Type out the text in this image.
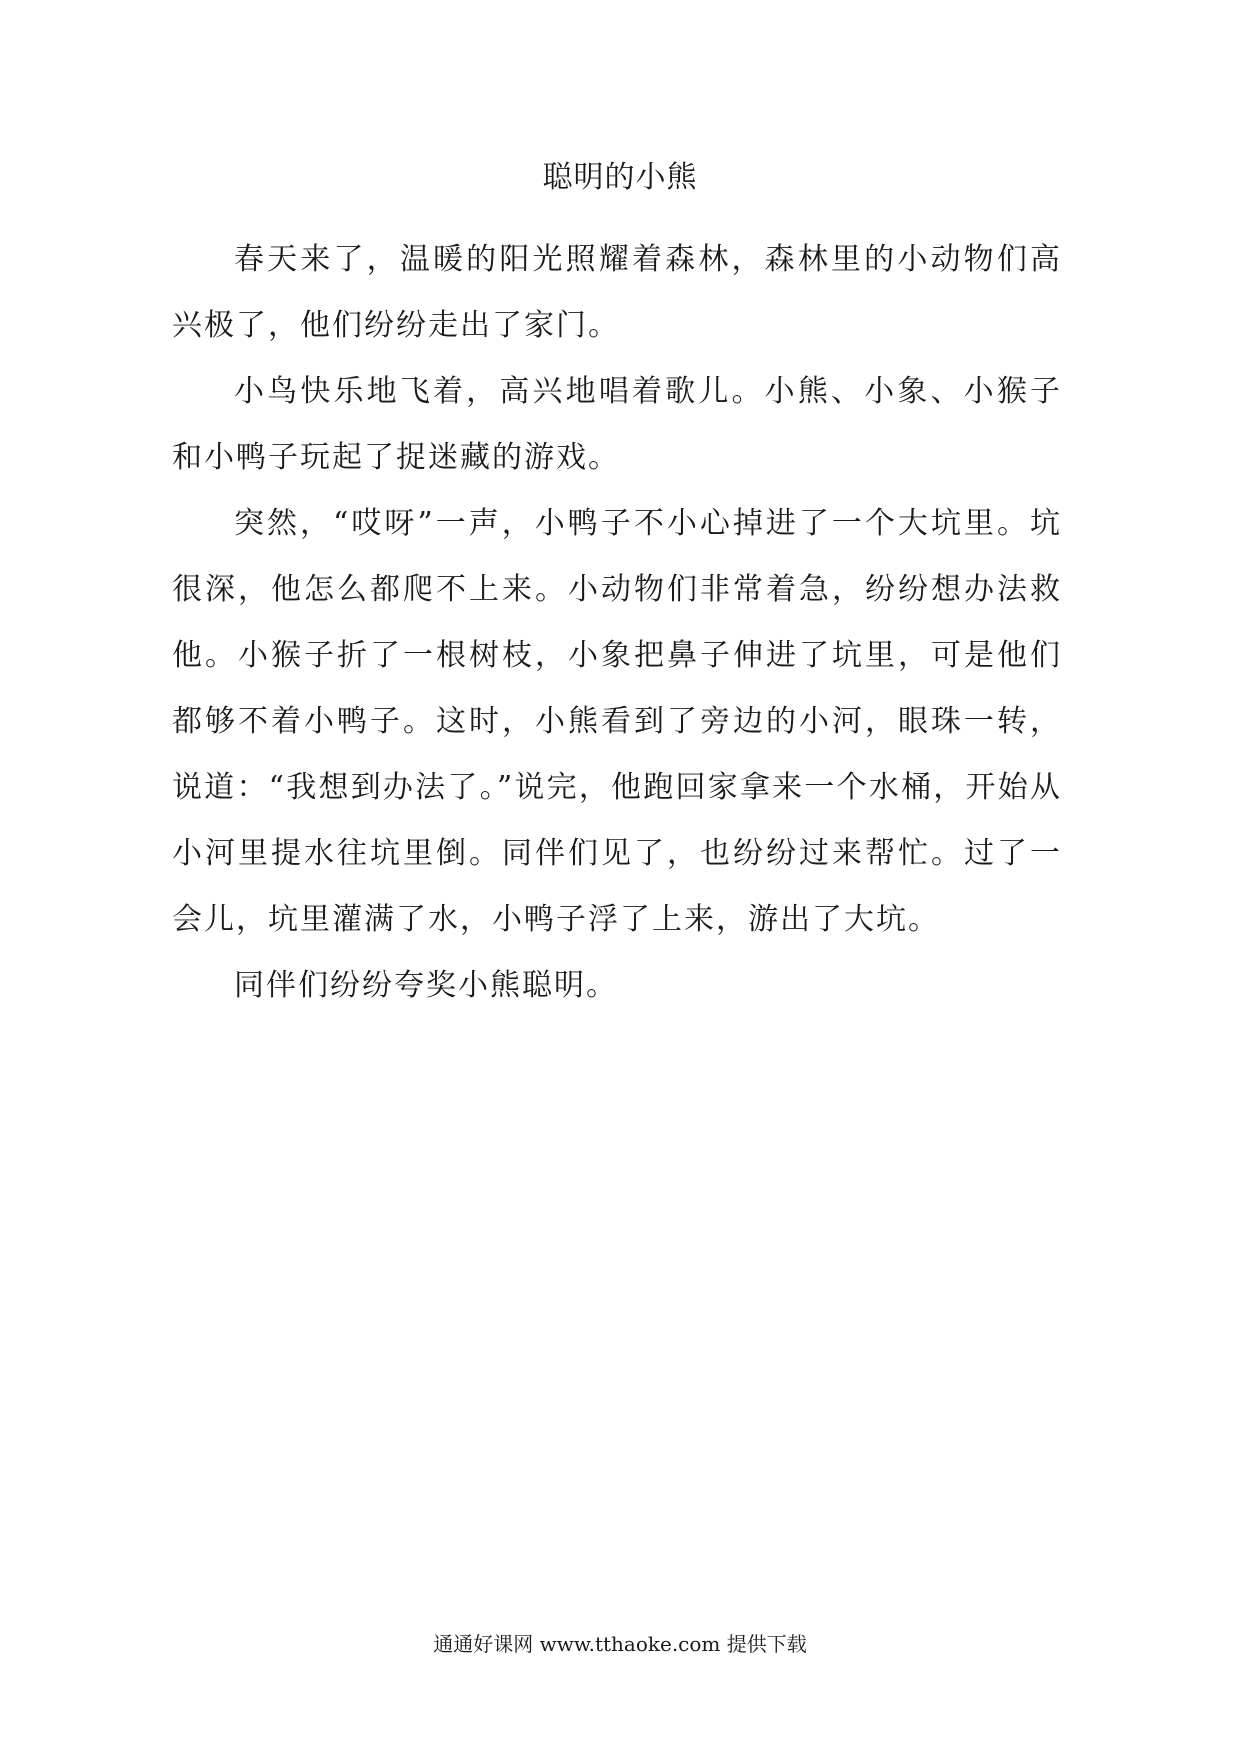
聪明的小熊

春天来了，温暖的阳光照耀着森林，森林里的小动物们高兴极了，他们纷纷走出了家门。

小鸟快乐地飞着，高兴地唱着歌儿。小熊、小象、小猴子和小鸭子玩起了捉迷藏的游戏。

突然，“哎呀”一声，小鸭子不小心掉进了一个大坑里。坑很深，他怎么都爬不上来。小动物们非常着急，纷纷想办法救他。小猴子折了一根树枝，小象把鼻子伸进了坑里，可是他们都够不着小鸭子。这时，小熊看到了旁边的小河，眼珠一转，说道：“我想到办法了。”说完，他跑回家拿来一个水桶，开始从小河里提水往坑里倒。同伴们见了，也纷纷过来帮忙。过了一会儿，坑里灌满了水，小鸭子浮了上来，游出了大坑。

同伴们纷纷夸奖小熊聪明。

通通好课网 www.tthaoke.com 提供下载
